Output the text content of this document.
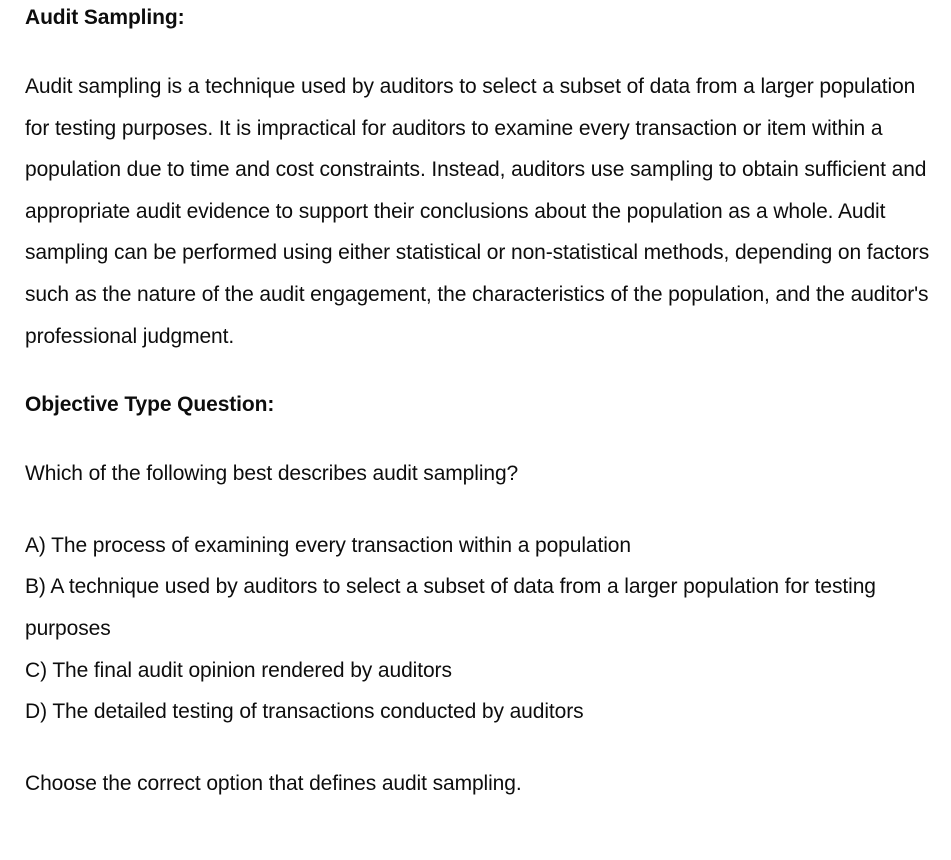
Audit Sampling:

Audit sampling is a technique used by auditors to select a subset of data from a larger population for testing purposes. It is impractical for auditors to examine every transaction or item within a population due to time and cost constraints. Instead, auditors use sampling to obtain sufficient and appropriate audit evidence to support their conclusions about the population as a whole. Audit sampling can be performed using either statistical or non-statistical methods, depending on factors such as the nature of the audit engagement, the characteristics of the population, and the auditor's professional judgment.

Objective Type Question:

Which of the following best describes audit sampling?

A) The process of examining every transaction within a population
B) A technique used by auditors to select a subset of data from a larger population for testing purposes
C) The final audit opinion rendered by auditors
D) The detailed testing of transactions conducted by auditors

Choose the correct option that defines audit sampling.
